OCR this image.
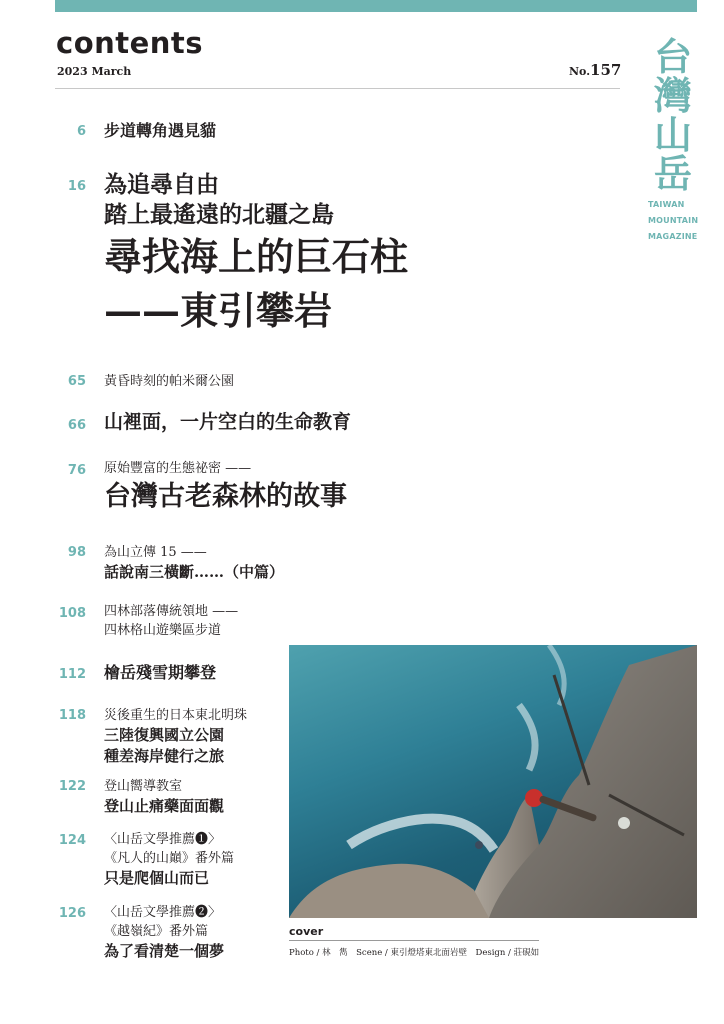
contents
2023 March	No.157 台
灣
山
岳
TAIWAN
MOUNTAIN
MAGAZINE
6 步道轉角遇見貓
16 為追尋自由
踏上最遙遠的北疆之島
尋找海上的巨石柱
——東引攀岩
65 黃昏時刻的帕米爾公園
66 山裡面，一片空白的生命教育
76 原始豐富的生態祕密 ——
台灣古老森林的故事
98 為山立傳 15 ——
話說南三橫斷……（中篇）
108 四林部落傳統領地 ——
四林格山遊樂區步道
112 檜岳殘雪期攀登
118 災後重生的日本東北明珠
三陸復興國立公園
種差海岸健行之旅
122 登山嚮導教室
登山止痛藥面面觀
124 〈山岳文學推薦❶〉
《凡人的山巔》番外篇
只是爬個山而已
126 〈山岳文學推薦❷〉
《越嶺紀》番外篇
為了看清楚一個夢
cover
Photo / 林　雋　Scene / 東引燈塔東北面岩壁　Design / 莊硯如
